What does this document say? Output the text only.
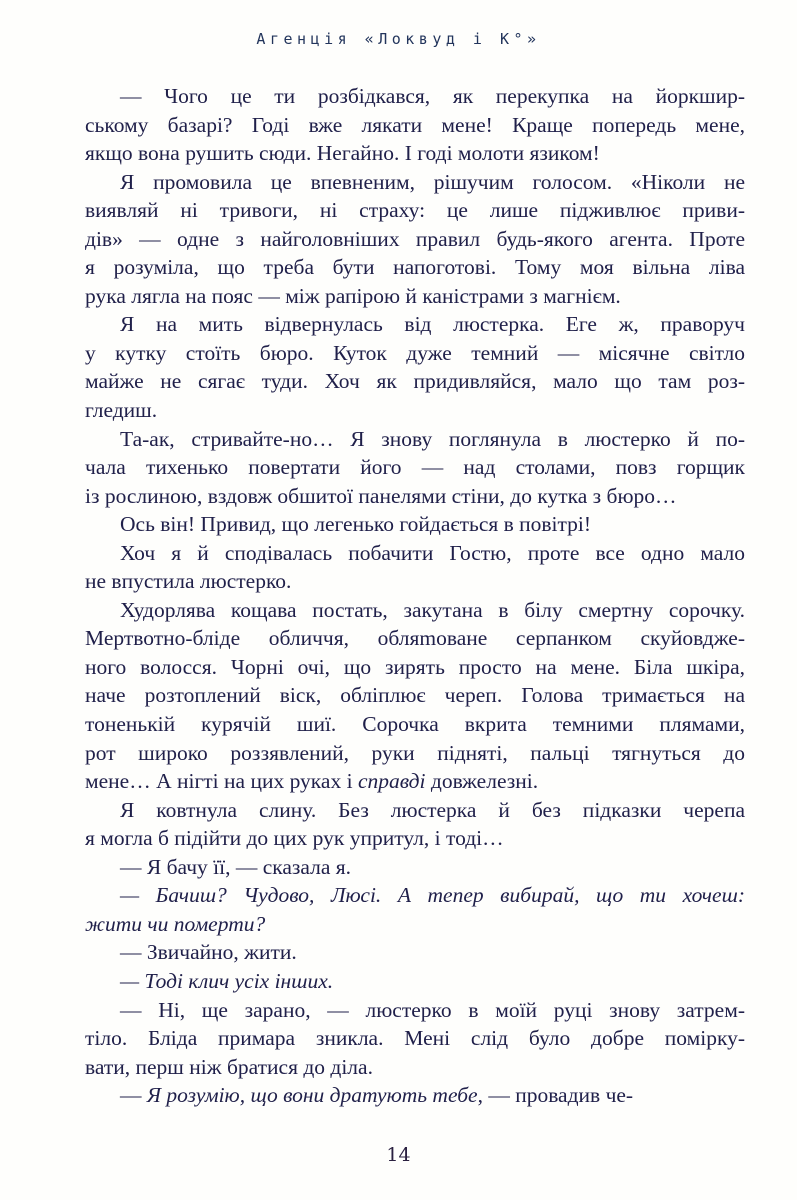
Агенція «Локвуд і К°»
— Чого це ти розбідкався, як перекупка на йоркшир-
ському базарі? Годі вже лякати мене! Краще попередь мене,
якщо вона рушить сюди. Негайно. І годі молоти язиком!
Я промовила це впевненим, рішучим голосом. «Ніколи не
виявляй ні тривоги, ні страху: це лише підживлює приви-
дів» — одне з найголовніших правил будь-якого агента. Проте
я розуміла, що треба бути напоготові. Тому моя вільна ліва
рука лягла на пояс — між рапірою й каністрами з магнієм.
Я на мить відвернулась від люстерка. Еге ж, праворуч
у кутку стоїть бюро. Куток дуже темний — місячне світло
майже не сягає туди. Хоч як придивляйся, мало що там роз-
гледиш.
Та-ак, стривайте-но… Я знову поглянула в люстерко й по-
чала тихенько повертати його — над столами, повз горщик
із рослиною, вздовж обшитої панелями стіни, до кутка з бюро…
Ось він! Привид, що легенько гойдається в повітрі!
Хоч я й сподівалась побачити Гостю, проте все одно мало
не впустила люстерко.
Худорлява кощава постать, закутана в білу смертну сорочку.
Мертвотно-бліде обличчя, обляmoване серпанком скуйовдже-
ного волосся. Чорні очі, що зирять просто на мене. Біла шкіра,
наче розтоплений віск, обліплює череп. Голова тримається на
тоненькій курячій шиї. Сорочка вкрита темними плямами,
рот широко роззявлений, руки підняті, пальці тягнуться до
мене… А нігті на цих руках і справді довжелезні.
Я ковтнула слину. Без люстерка й без підказки черепа
я могла б підійти до цих рук упритул, і тоді…
— Я бачу її, — сказала я.
— Бачиш? Чудово, Люсі. А тепер вибирай, що ти хочеш:
жити чи померти?
— Звичайно, жити.
— Тоді клич усіх інших.
— Ні, ще зарано, — люстерко в моїй руці знову затрем-
тіло. Бліда примара зникла. Мені слід було добре помірку-
вати, перш ніж братися до діла.
— Я розумію, що вони дратують тебе, — провадив че-
14
